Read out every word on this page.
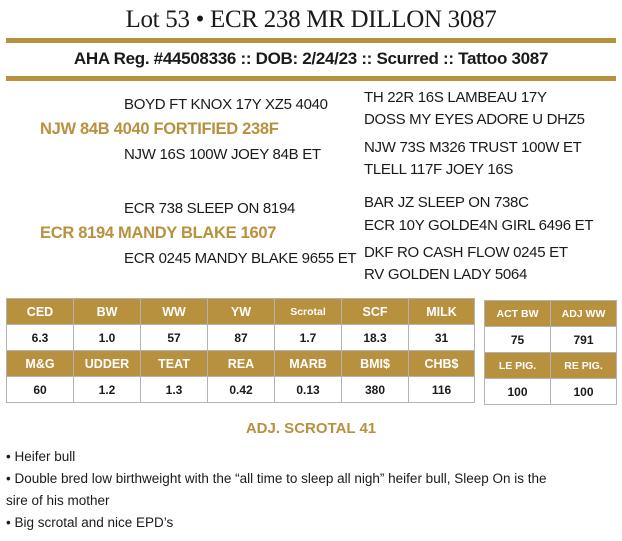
Lot 53 • ECR 238 MR DILLON 3087
AHA Reg. #44508336 :: DOB: 2/24/23 :: Scurred :: Tattoo 3087
BOYD FT KNOX 17Y XZ5 4040
NJW 84B 4040 FORTIFIED 238F
NJW 16S 100W JOEY 84B ET
TH 22R 16S LAMBEAU 17Y
DOSS MY EYES ADORE U DHZ5
NJW 73S M326 TRUST 100W ET
TLELL 117F JOEY 16S
ECR 738 SLEEP ON 8194
ECR 8194 MANDY BLAKE 1607
ECR 0245 MANDY BLAKE 9655 ET
BAR JZ SLEEP ON 738C
ECR 10Y GOLDE4N GIRL 6496 ET
DKF RO CASH FLOW 0245 ET
RV GOLDEN LADY 5064
CED	BW	WW	YW	Scrotal	SCF	MILK
6.3	1.0	57	87	1.7	18.3	31
M&G	UDDER	TEAT	REA	MARB	BMI$	CHB$
60	1.2	1.3	0.42	0.13	380	116
ACT BW	ADJ WW
75	791
LE PIG.	RE PIG.
100	100
ADJ. SCROTAL 41
• Heifer bull
• Double bred low birthweight with the “all time to sleep all nigh” heifer bull, Sleep On is the
sire of his mother
• Big scrotal and nice EPD’s
